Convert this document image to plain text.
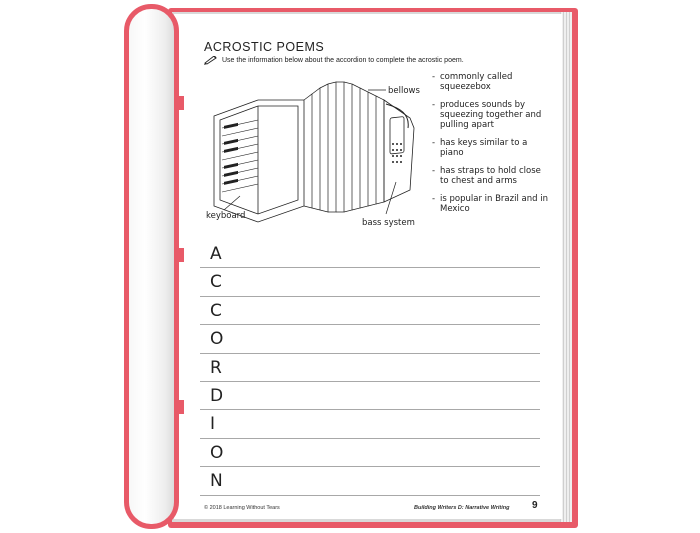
ACROSTIC POEMS
Use the information below about the accordion to complete the acrostic poem.
bellows
keyboard
bass system
- commonly called squeezebox
- produces sounds by squeezing together and pulling apart
- has keys similar to a piano
- has straps to hold close to chest and arms
- is popular in Brazil and in Mexico
A
C
C
O
R
D
I
O
N
© 2018 Learning Without Tears	Building Writers D: Narrative Writing 9
